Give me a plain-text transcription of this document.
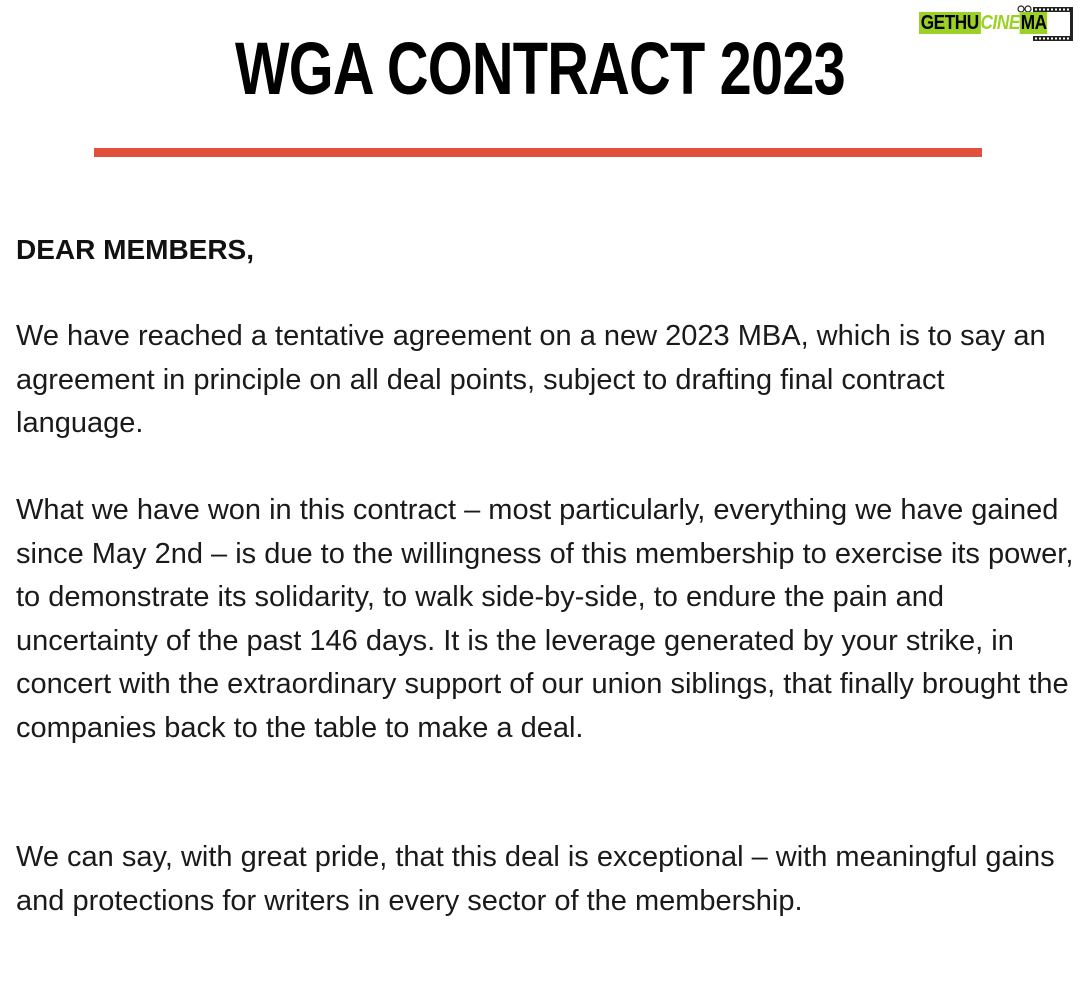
WGA CONTRACT 2023
GETHUCINEMA

DEAR MEMBERS,

We have reached a tentative agreement on a new 2023 MBA, which is to say an agreement in principle on all deal points, subject to drafting final contract language.

What we have won in this contract – most particularly, everything we have gained since May 2nd – is due to the willingness of this membership to exercise its power, to demonstrate its solidarity, to walk side-by-side, to endure the pain and uncertainty of the past 146 days. It is the leverage generated by your strike, in concert with the extraordinary support of our union siblings, that finally brought the companies back to the table to make a deal.

We can say, with great pride, that this deal is exceptional – with meaningful gains and protections for writers in every sector of the membership.
